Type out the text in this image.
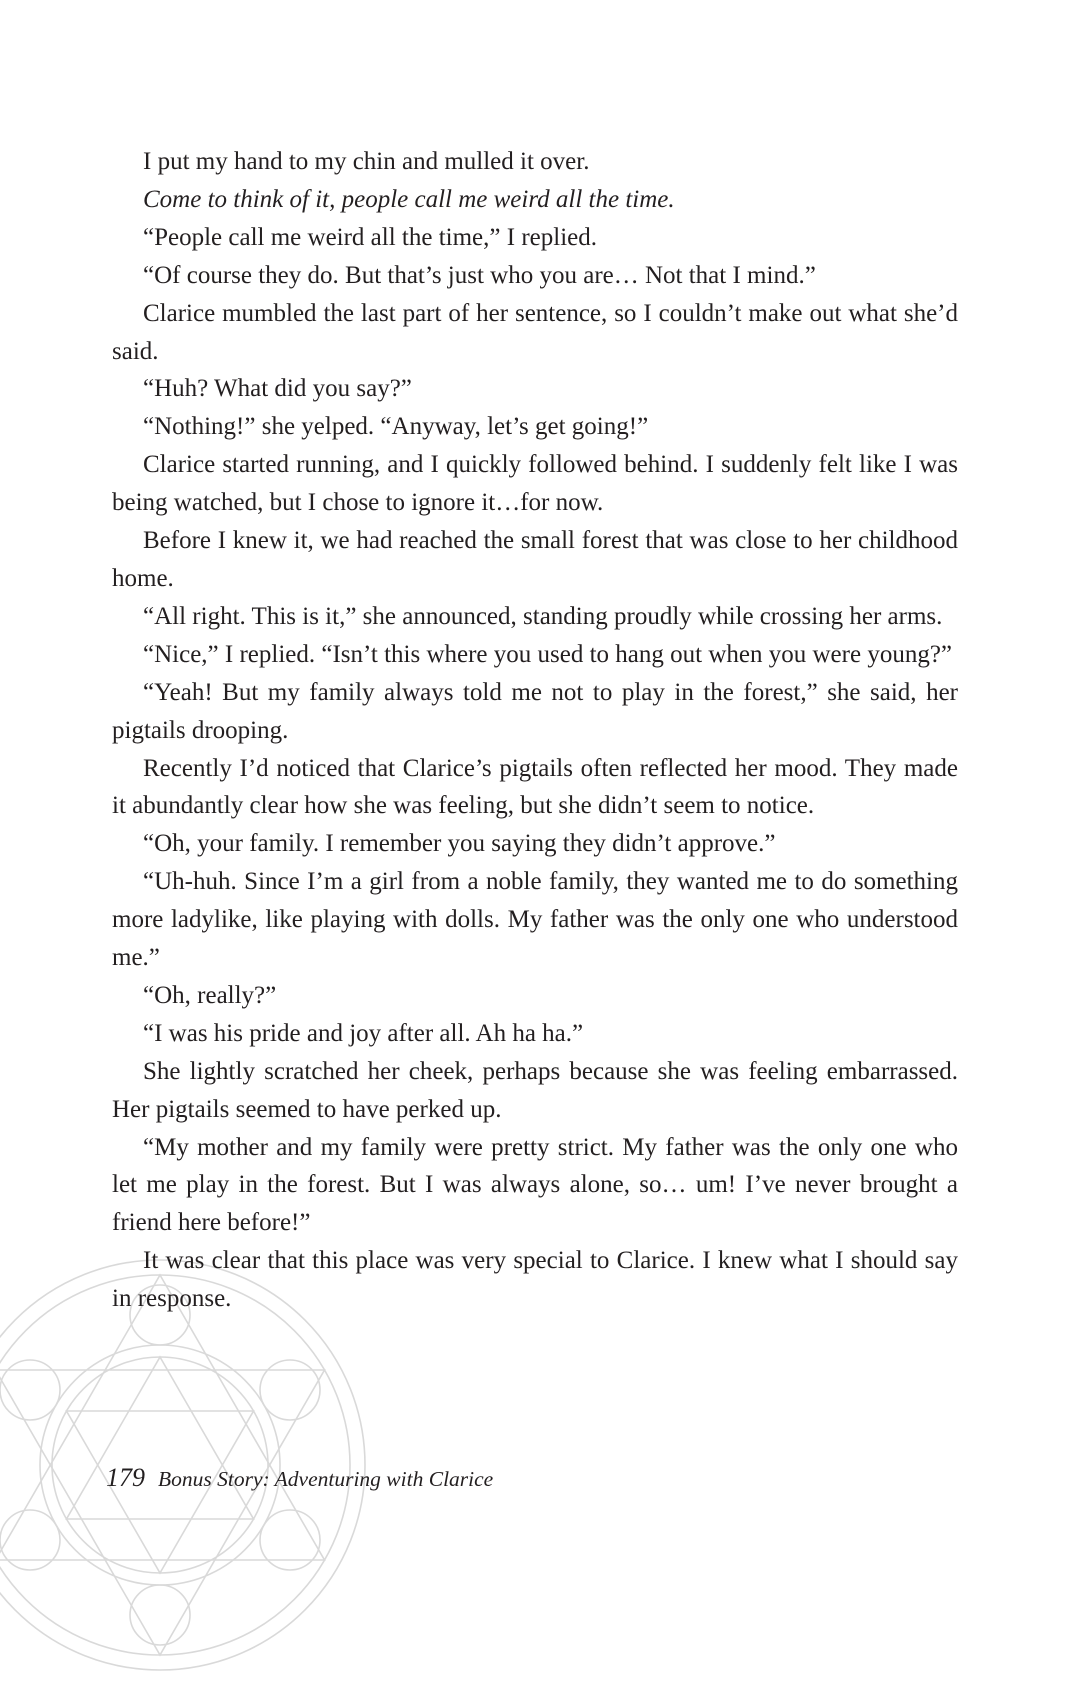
I put my hand to my chin and mulled it over.

Come to think of it, people call me weird all the time.

“People call me weird all the time,” I replied.

“Of course they do. But that’s just who you are… Not that I mind.”

Clarice mumbled the last part of her sentence, so I couldn’t make out what she’d said.

“Huh? What did you say?”

“Nothing!” she yelped. “Anyway, let’s get going!”

Clarice started running, and I quickly followed behind. I suddenly felt like I was being watched, but I chose to ignore it…for now.

Before I knew it, we had reached the small forest that was close to her childhood home.

“All right. This is it,” she announced, standing proudly while crossing her arms.

“Nice,” I replied. “Isn’t this where you used to hang out when you were young?”

“Yeah! But my family always told me not to play in the forest,” she said, her pigtails drooping.

Recently I’d noticed that Clarice’s pigtails often reflected her mood. They made it abundantly clear how she was feeling, but she didn’t seem to notice.

“Oh, your family. I remember you saying they didn’t approve.”

“Uh-huh. Since I’m a girl from a noble family, they wanted me to do something more ladylike, like playing with dolls. My father was the only one who understood me.”

“Oh, really?”

“I was his pride and joy after all. Ah ha ha.”

She lightly scratched her cheek, perhaps because she was feeling embarrassed. Her pigtails seemed to have perked up.

“My mother and my family were pretty strict. My father was the only one who let me play in the forest. But I was always alone, so… um! I’ve never brought a friend here before!”

It was clear that this place was very special to Clarice. I knew what I should say in response.

179 Bonus Story: Adventuring with Clarice
